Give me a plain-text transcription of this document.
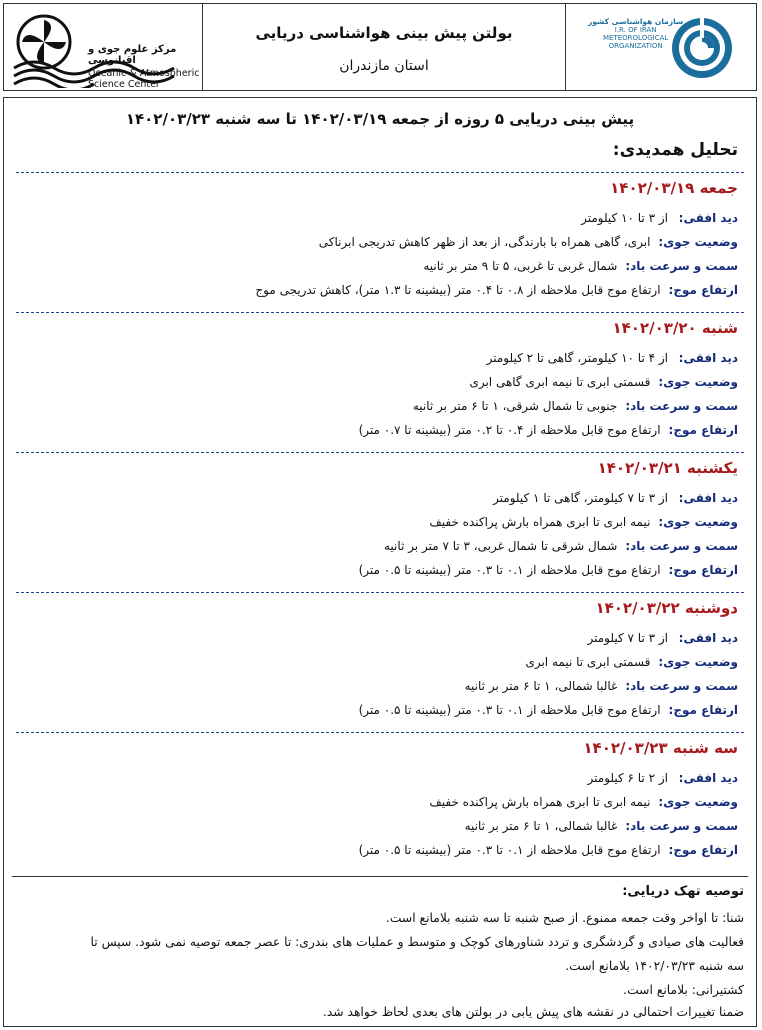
مرکز علوم جوی و اقیانوسی
Oceanic & Atmospheric
Science Center
بولتن پیش بینی هواشناسی دریایی
استان مازندران
سازمان هواشناسی کشور
I.R. OF IRAN
METEOROLOGICAL
ORGANIZATION
پیش بینی دریایی ۵ روزه از جمعه ۱۴۰۲/۰۳/۱۹ تا سه شنبه ۱۴۰۲/۰۳/۲۳
تحلیل همدیدی:
جمعه ۱۴۰۲/۰۳/۱۹
دید افقی:از ۳ تا ۱۰ کیلومتر
وضعیت جوی:ابری، گاهی همراه با بارندگی، از بعد از ظهر کاهش تدریجی ابرناکی
سمت و سرعت باد:شمال غربی تا غربی، ۵ تا ۹ متر بر ثانیه
ارتفاع موج:ارتفاع موج قابل ملاحظه از ۰.۸ تا ۰.۴ متر (بیشینه تا ۱.۳ متر)، کاهش تدریجی موج
شنبه ۱۴۰۲/۰۳/۲۰
دید افقی:از ۴ تا ۱۰ کیلومتر، گاهی تا ۲ کیلومتر
وضعیت جوی:قسمتی ابری تا نیمه ابری گاهی ابری
سمت و سرعت باد:جنوبی تا شمال شرقی، ۱ تا ۶ متر بر ثانیه
ارتفاع موج:ارتفاع موج قابل ملاحظه از ۰.۴ تا ۰.۲ متر (بیشینه تا ۰.۷ متر)
یکشنبه ۱۴۰۲/۰۳/۲۱
دید افقی:از ۳ تا ۷ کیلومتر، گاهی تا ۱ کیلومتر
وضعیت جوی:نیمه ابری تا ابری همراه بارش پراکنده خفیف
سمت و سرعت باد:شمال شرقی تا شمال غربی، ۳ تا ۷ متر بر ثانیه
ارتفاع موج:ارتفاع موج قابل ملاحظه از ۰.۱ تا ۰.۳ متر (بیشینه تا ۰.۵ متر)
دوشنبه ۱۴۰۲/۰۳/۲۲
دید افقی:از ۳ تا ۷ کیلومتر
وضعیت جوی:قسمتی ابری تا نیمه ابری
سمت و سرعت باد:غالبا شمالی، ۱ تا ۶ متر بر ثانیه
ارتفاع موج:ارتفاع موج قابل ملاحظه از ۰.۱ تا ۰.۳ متر (بیشینه تا ۰.۵ متر)
سه شنبه ۱۴۰۲/۰۳/۲۳
دید افقی:از ۲ تا ۶ کیلومتر
وضعیت جوی:نیمه ابری تا ابری همراه بارش پراکنده خفیف
سمت و سرعت باد:غالبا شمالی، ۱ تا ۶ متر بر ثانیه
ارتفاع موج:ارتفاع موج قابل ملاحظه از ۰.۱ تا ۰.۳ متر (بیشینه تا ۰.۵ متر)
توصیه تهک دریایی:
شنا: تا اواخر وقت جمعه ممنوع. از صبح شنبه تا سه شنبه بلامانع است.
فعالیت های صیادی و گردشگری و تردد شناورهای کوچک و متوسط و عملیات های بندری: تا عصر جمعه توصیه نمی شود. سپس تا
سه شنبه ۱۴۰۲/۰۳/۲۳ بلامانع است.
کشتیرانی: بلامانع است.
ضمنا تغییرات احتمالی در نقشه های پیش یابی در بولتن های بعدی لحاظ خواهد شد.
